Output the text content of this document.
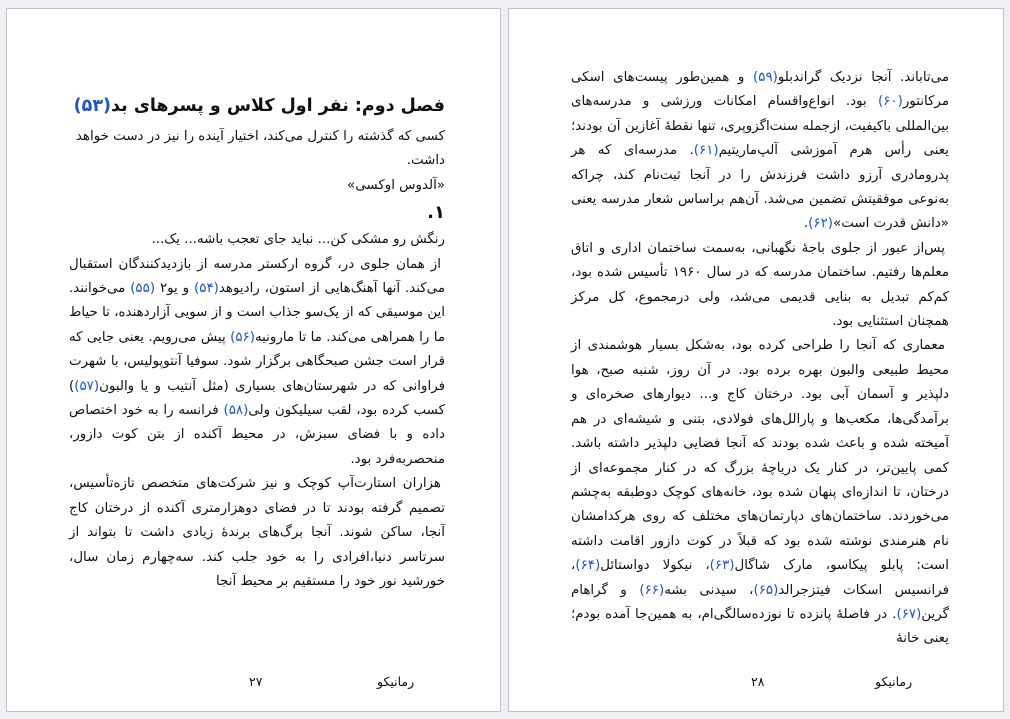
فصل دوم: نفر اول کلاس و پسرهای بد(۵۳)

کسی که گذشته را کنترل می‌کند، اختیار آینده را نیز در دست خواهد داشت.

«آلدوس اوکسی»

۱.

رنگش رو مشکی کن... نباید جای تعجب باشه... یک...

از همان جلوی در، گروه ارکستر مدرسه از بازدیدکنندگان استقبال می‌کند. آنها آهنگ‌هایی از استون، رادیوهد(۵۴) و یو۲ (۵۵) می‌خوانند. این موسیقی که از یک‌سو جذاب است و از سویی آزاردهنده، تا حیاط ما را همراهی می‌کند. ما تا مارونیه(۵۶) پیش می‌رویم. یعنی جایی که قرار است جشن صبحگاهی برگزار شود. سوفیا آنتوپولیس، با شهرت فراوانی که در شهرستان‌های بسیاری (مثل آنتیب و یا والبون(۵۷)) کسب کرده بود، لقب سیلیکون ولی(۵۸) فرانسه را به خود اختصاص داده و با فضای سبزش، در محیط آکنده از بتن کوت دازور، منحصربه‌فرد بود.

هزاران استارت‌آپ کوچک و نیز شرکت‌های متخصص تازه‌تأسیس، تصمیم گرفته بودند تا در فضای دوهزارمتری آکنده از درختان کاج آنجا، ساکن شوند. آنجا برگ‌های برندهٔ زیادی داشت تا بتواند از سرتاسر دنیا،افرادی را به خود جلب کند. سه‌چهارم زمان سال، خورشید نور خود را مستقیم بر محیط آنجا

۲۷	رمانیکو

می‌تاباند. آنجا نزدیک گراندبلو(۵۹) و همین‌طور پیست‌های اسکی مرکانتور(۶۰) بود. انواع‌واقسام امکانات ورزشی و مدرسه‌های بین‌المللی باکیفیت، ازجمله سنت‌اگزوپری، تنها نقطهٔ آغازین آن بودند؛ یعنی رأس هرم آموزشی آلپ‌ماریتیم(۶۱). مدرسه‌ای که هر پدرومادری آرزو داشت فرزندش را در آنجا ثبت‌نام کند، چراکه به‌نوعی موفقیتش تضمین می‌شد. آن‌هم براساس شعار مدرسه یعنی «دانش قدرت است»(۶۲).

پس‌از عبور از جلوی باجهٔ نگهبانی، به‌سمت ساختمان اداری و اتاق معلم‌ها رفتیم. ساختمان مدرسه که در سال ۱۹۶۰ تأسیس شده بود، کم‌کم تبدیل به بنایی قدیمی می‌شد، ولی درمجموع، کل مرکز همچنان استثنایی بود.

معماری که آنجا را طراحی کرده بود، به‌شکل بسیار هوشمندی از محیط طبیعی والبون بهره برده بود. در آن روز، شنبه صبح، هوا دلپذیر و آسمان آبی بود. درختان کاج و... دیوارهای صخره‌ای و برآمدگی‌ها، مکعب‌ها و پارالل‌های فولادی، بتنی و شیشه‌ای در هم آمیخته شده و باعث شده بودند که آنجا فضایی دلپذیر داشته باشد. کمی پایین‌تر، در کنار یک دریاچهٔ بزرگ که در کنار مجموعه‌ای از درختان، تا اندازه‌ای پنهان شده بود، خانه‌های کوچک دوطبقه به‌چشم می‌خوردند. ساختمان‌های دپارتمان‌های مختلف که روی هرکدامشان نام هنرمندی نوشته شده بود که قبلاً در کوت دازور اقامت داشته است: پابلو پیکاسو، مارک شاگال(۶۳)، نیکولا دواستائل(۶۴)، فرانسیس اسکات فیتزجرالد(۶۵)، سیدنی بشه(۶۶) و گراهام گرین(۶۷). در فاصلهٔ پانزده تا نوزده‌سالگی‌ام، به همین‌جا آمده بودم؛ یعنی خانهٔ

۲۸	رمانیکو
